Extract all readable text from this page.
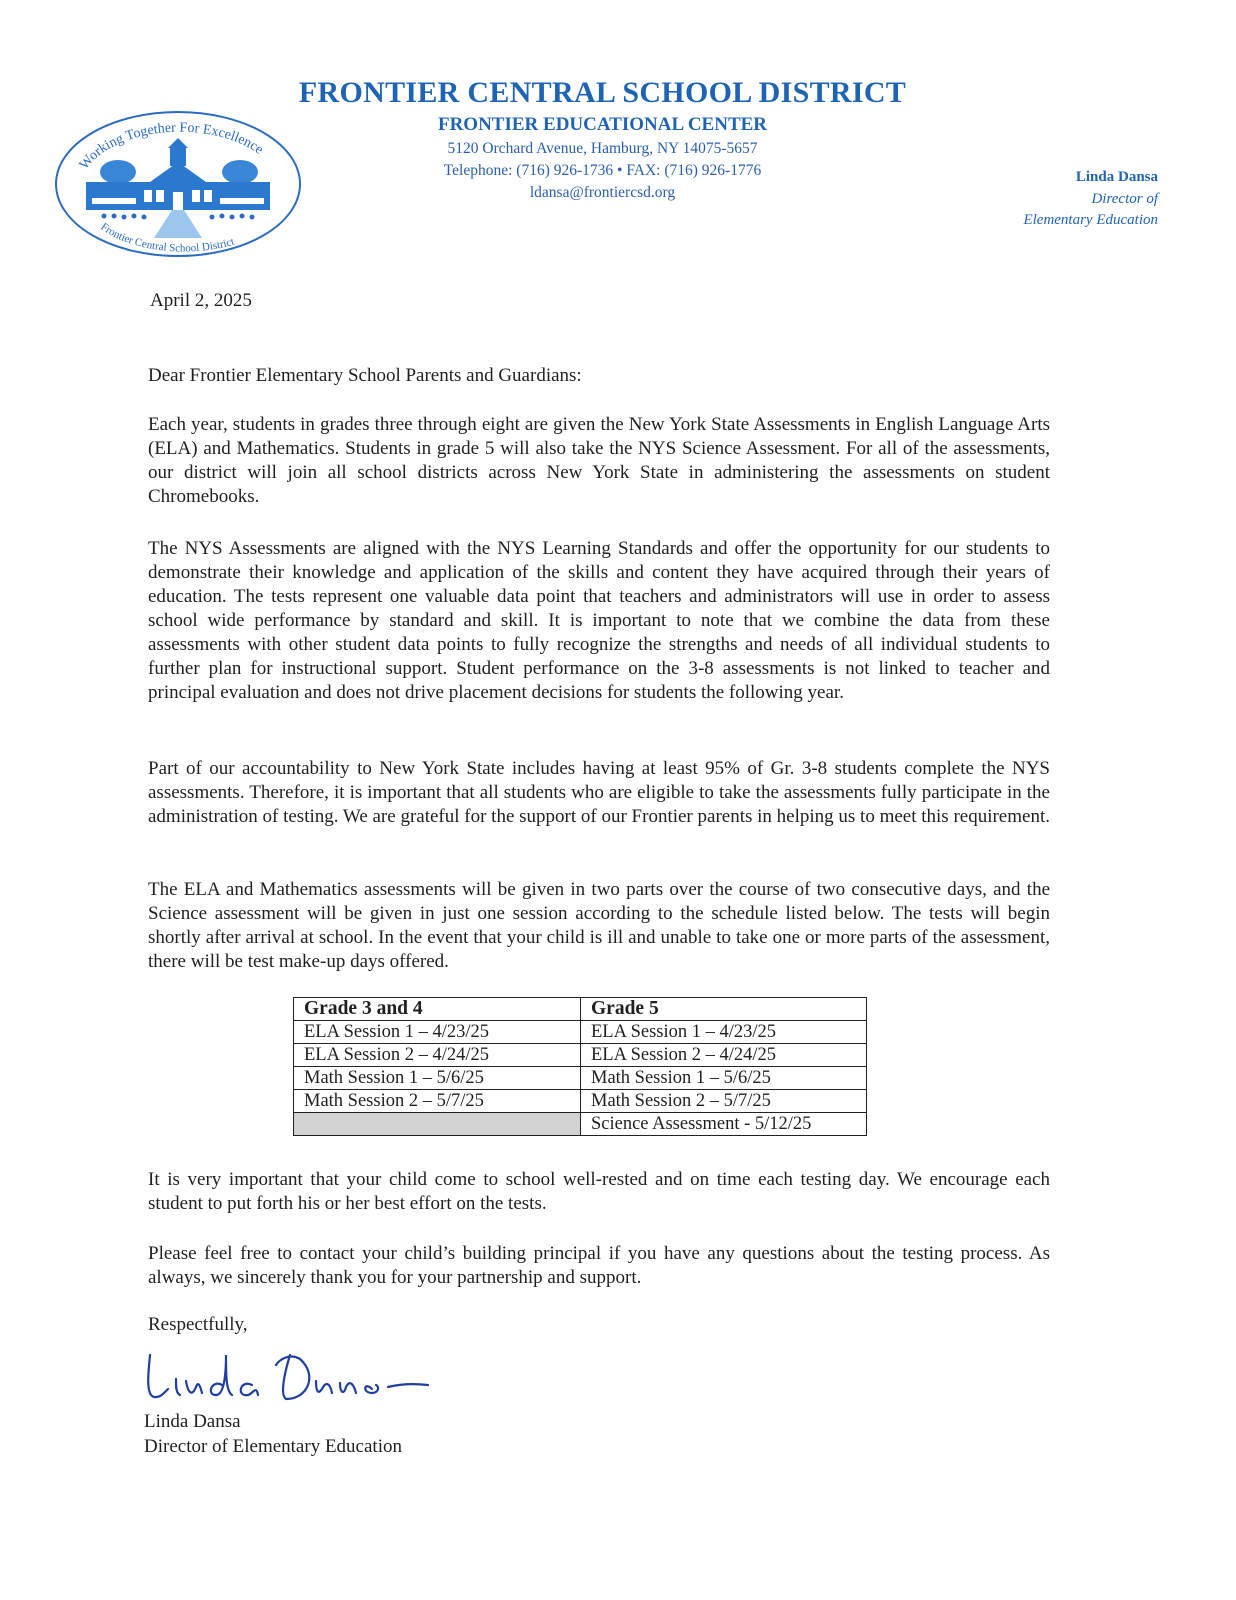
Working Together For Excellence
Frontier Central School District
FRONTIER CENTRAL SCHOOL DISTRICT
FRONTIER EDUCATIONAL CENTER
5120 Orchard Avenue, Hamburg, NY 14075-5657
Telephone: (716) 926-1736 • FAX: (716) 926-1776
ldansa@frontiercsd.org
Linda Dansa
Director of
Elementary Education
April 2, 2025
Dear Frontier Elementary School Parents and Guardians:
Each year, students in grades three through eight are given the New York State Assessments in English Language Arts (ELA) and Mathematics. Students in grade 5 will also take the NYS Science Assessment. For all of the assessments, our district will join all school districts across New York State in administering the assessments on student Chromebooks.
The NYS Assessments are aligned with the NYS Learning Standards and offer the opportunity for our students to demonstrate their knowledge and application of the skills and content they have acquired through their years of education. The tests represent one valuable data point that teachers and administrators will use in order to assess school wide performance by standard and skill. It is important to note that we combine the data from these assessments with other student data points to fully recognize the strengths and needs of all individual students to further plan for instructional support. Student performance on the 3-8 assessments is not linked to teacher and principal evaluation and does not drive placement decisions for students the following year.
Part of our accountability to New York State includes having at least 95% of Gr. 3-8 students complete the NYS assessments. Therefore, it is important that all students who are eligible to take the assessments fully participate in the administration of testing. We are grateful for the support of our Frontier parents in helping us to meet this requirement.
The ELA and Mathematics assessments will be given in two parts over the course of two consecutive days, and the Science assessment will be given in just one session according to the schedule listed below. The tests will begin shortly after arrival at school. In the event that your child is ill and unable to take one or more parts of the assessment, there will be test make-up days offered.
Grade 3 and 4	Grade 5
ELA Session 1 – 4/23/25	ELA Session 1 – 4/23/25
ELA Session 2 – 4/24/25	ELA Session 2 – 4/24/25
Math Session 1 – 5/6/25	Math Session 1 – 5/6/25
Math Session 2 – 5/7/25	Math Session 2 – 5/7/25
	Science Assessment - 5/12/25
It is very important that your child come to school well-rested and on time each testing day. We encourage each student to put forth his or her best effort on the tests.
Please feel free to contact your child’s building principal if you have any questions about the testing process. As always, we sincerely thank you for your partnership and support.
Respectfully,
Linda Dansa
Director of Elementary Education
